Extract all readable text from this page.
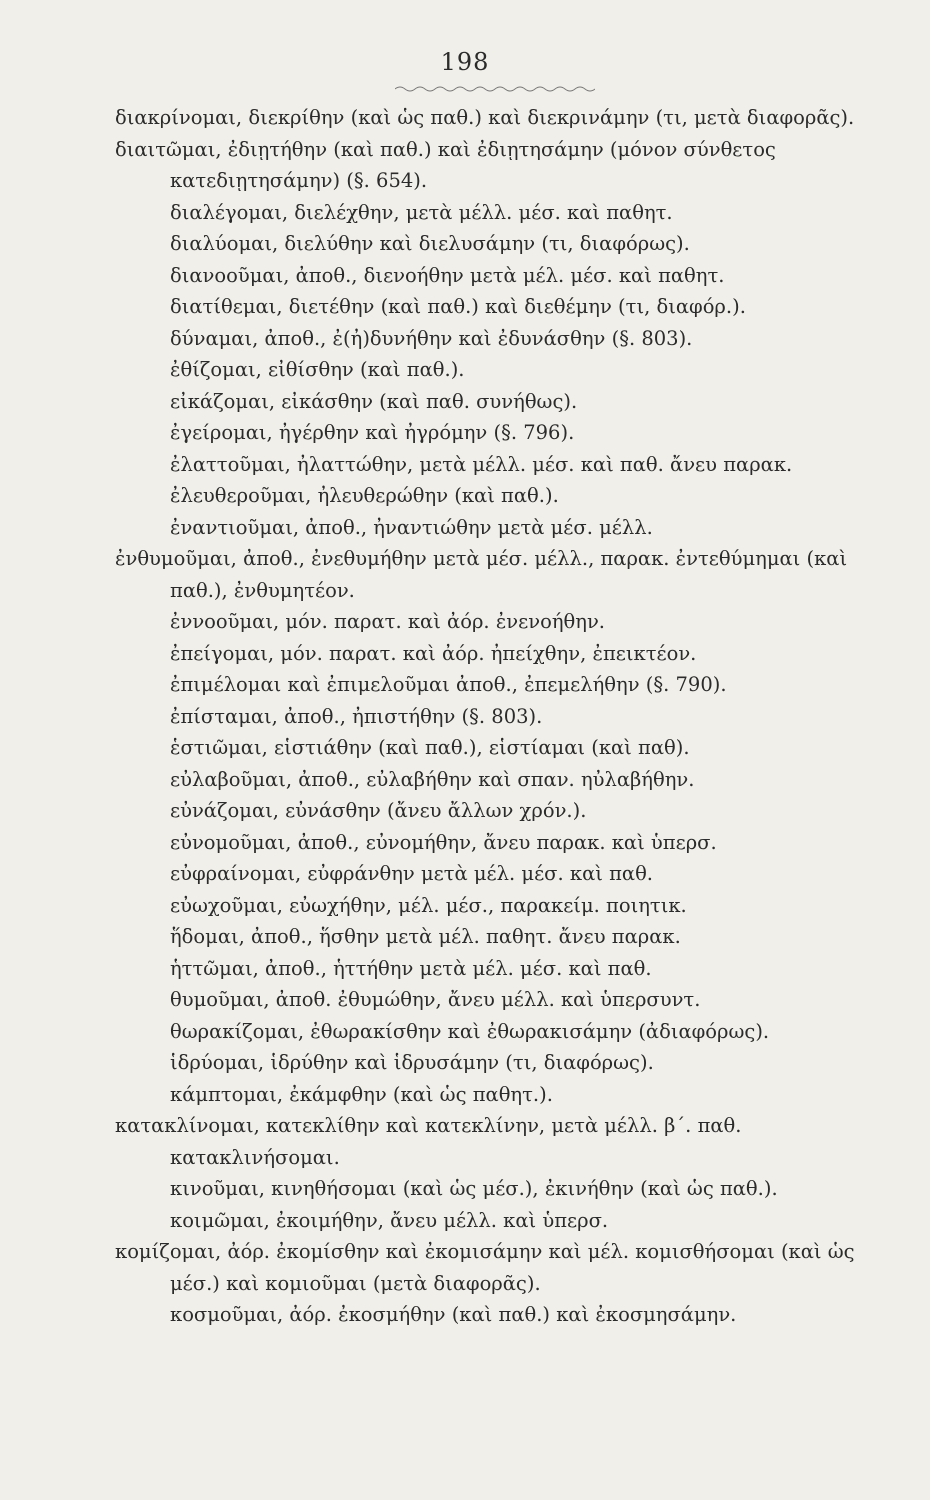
198
διακρίνομαι, διεκρίθην (καὶ ὡς παθ.) καὶ διεκρινάμην (τι, μετὰ διαφορᾶς).
διαιτῶμαι, ἐδιῃτήθην (καὶ παθ.) καὶ ἐδιῃτησάμην (μόνον σύνθετος κατεδιῃτησάμην) (§. 654).
διαλέγομαι, διελέχθην, μετὰ μέλλ. μέσ. καὶ παθητ.
διαλύομαι, διελύθην καὶ διελυσάμην (τι, διαφόρως).
διανοοῦμαι, ἀποθ., διενοήθην μετὰ μέλ. μέσ. καὶ παθητ.
διατίθεμαι, διετέθην (καὶ παθ.) καὶ διεθέμην (τι, διαφόρ.).
δύναμαι, ἀποθ., ἐ(ἠ)δυνήθην καὶ ἐδυνάσθην (§. 803).
ἐθίζομαι, εἰθίσθην (καὶ παθ.).
εἰκάζομαι, εἰκάσθην (καὶ παθ. συνήθως).
ἐγείρομαι, ἠγέρθην καὶ ἠγρόμην (§. 796).
ἐλαττοῦμαι, ἠλαττώθην, μετὰ μέλλ. μέσ. καὶ παθ. ἄνευ παρακ.
ἐλευθεροῦμαι, ἠλευθερώθην (καὶ παθ.).
ἐναντιοῦμαι, ἀποθ., ἠναντιώθην μετὰ μέσ. μέλλ.
ἐνθυμοῦμαι, ἀποθ., ἐνεθυμήθην μετὰ μέσ. μέλλ., παρακ. ἐντεθύμημαι (καὶ παθ.), ἐνθυμητέον.
ἐννοοῦμαι, μόν. παρατ. καὶ ἀόρ. ἐνενοήθην.
ἐπείγομαι, μόν. παρατ. καὶ ἀόρ. ἠπείχθην, ἐπεικτέον.
ἐπιμέλομαι καὶ ἐπιμελοῦμαι ἀποθ., ἐπεμελήθην (§. 790).
ἐπίσταμαι, ἀποθ., ἠπιστήθην (§. 803).
ἑστιῶμαι, εἱστιάθην (καὶ παθ.), εἱστίαμαι (καὶ παθ).
εὐλαβοῦμαι, ἀποθ., εὐλαβήθην καὶ σπαν. ηὐλαβήθην.
εὐνάζομαι, εὐνάσθην (ἄνευ ἄλλων χρόν.).
εὐνομοῦμαι, ἀποθ., εὐνομήθην, ἄνευ παρακ. καὶ ὑπερσ.
εὐφραίνομαι, εὐφράνθην μετὰ μέλ. μέσ. καὶ παθ.
εὐωχοῦμαι, εὐωχήθην, μέλ. μέσ., παρακείμ. ποιητικ.
ἥδομαι, ἀποθ., ἥσθην μετὰ μέλ. παθητ. ἄνευ παρακ.
ἡττῶμαι, ἀποθ., ἡττήθην μετὰ μέλ. μέσ. καὶ παθ.
θυμοῦμαι, ἀποθ. ἐθυμώθην, ἄνευ μέλλ. καὶ ὑπερσυντ.
θωρακίζομαι, ἐθωρακίσθην καὶ ἐθωρακισάμην (ἀδιαφόρως).
ἱδρύομαι, ἱδρύθην καὶ ἱδρυσάμην (τι, διαφόρως).
κάμπτομαι, ἐκάμφθην (καὶ ὡς παθητ.).
κατακλίνομαι, κατεκλίθην καὶ κατεκλίνην, μετὰ μέλλ. β΄. παθ. κατακλινήσομαι.
κινοῦμαι, κινηθήσομαι (καὶ ὡς μέσ.), ἐκινήθην (καὶ ὡς παθ.).
κοιμῶμαι, ἐκοιμήθην, ἄνευ μέλλ. καὶ ὑπερσ.
κομίζομαι, ἀόρ. ἐκομίσθην καὶ ἐκομισάμην καὶ μέλ. κομισθήσομαι (καὶ ὡς μέσ.) καὶ κομιοῦμαι (μετὰ διαφορᾶς).
κοσμοῦμαι, ἀόρ. ἐκοσμήθην (καὶ παθ.) καὶ ἐκοσμησάμην.
